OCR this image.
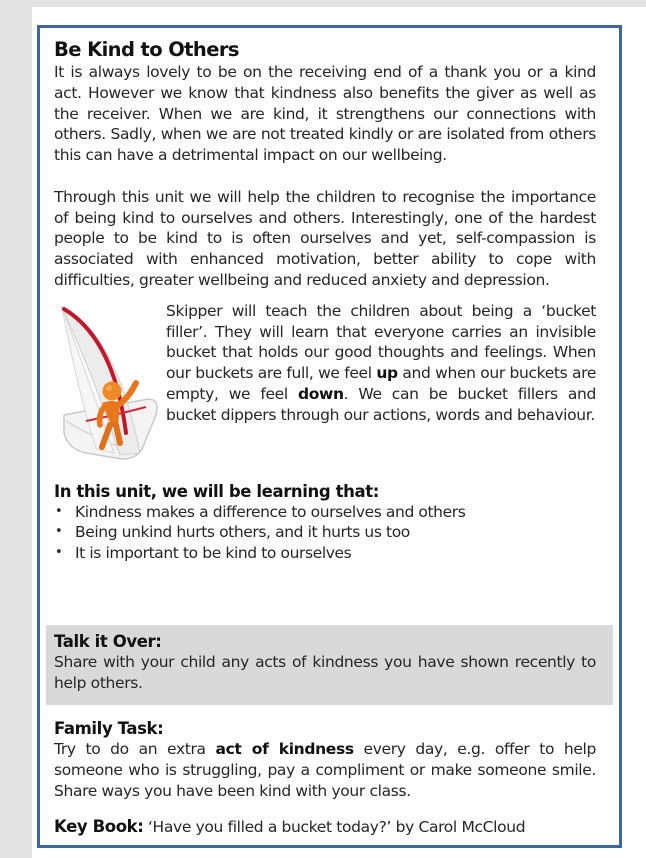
Be Kind to Others

It is always lovely to be on the receiving end of a thank you or a kind act. However we know that kindness also benefits the giver as well as the receiver. When we are kind, it strengthens our connections with others. Sadly, when we are not treated kindly or are isolated from others this can have a detrimental impact on our wellbeing.

Through this unit we will help the children to recognise the importance of being kind to ourselves and others. Interestingly, one of the hardest people to be kind to is often ourselves and yet, self-compassion is associated with enhanced motivation, better ability to cope with difficulties, greater wellbeing and reduced anxiety and depression.

Skipper will teach the children about being a ‘bucket filler’. They will learn that everyone carries an invisible bucket that holds our good thoughts and feelings. When our buckets are full, we feel up and when our buckets are empty, we feel down. We can be bucket fillers and bucket dippers through our actions, words and behaviour.

In this unit, we will be learning that:
• Kindness makes a difference to ourselves and others
• Being unkind hurts others, and it hurts us too
• It is important to be kind to ourselves
Talk it Over:

Share with your child any acts of kindness you have shown recently to help others.

Family Task:

Try to do an extra act of kindness every day, e.g. offer to help someone who is struggling, pay a compliment or make someone smile. Share ways you have been kind with your class.

Key Book: ‘Have you filled a bucket today?’ by Carol McCloud
